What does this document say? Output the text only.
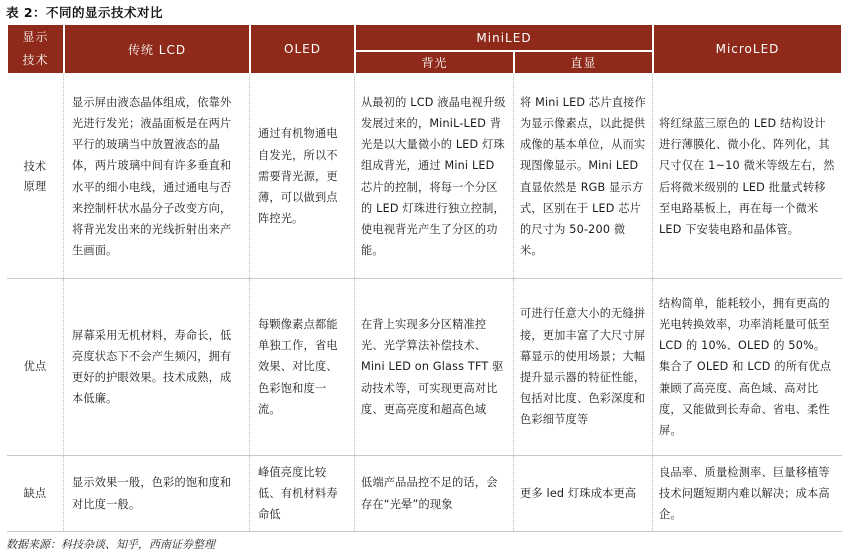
表 2：不同的显示技术对比
显示
技术
传统 LCD	OLED
MiniLED
背光	直显
MicroLED
技术
原理
显示屏由液态晶体组成，依靠外光进行发光；液晶面板是在两片平行的玻璃当中放置液态的晶体，两片玻璃中间有许多垂直和水平的细小电线，通过通电与否来控制杆状水晶分子改变方向，将背光发出来的光线折射出来产生画面。
通过有机物通电自发光，所以不需要背光源，更薄，可以做到点阵控光。
从最初的 LCD 液晶电视升级发展过来的，MiniL-LED 背光是以大量微小的 LED 灯珠组成背光，通过 Mini LED 芯片的控制，将每一个分区的 LED 灯珠进行独立控制，使电视背光产生了分区的功能。
将 Mini LED 芯片直接作为显示像素点，以此提供成像的基本单位，从而实现图像显示。Mini LED 直显依然是 RGB 显示方式，区别在于 LED 芯片的尺寸为 50-200 微米。
将红绿蓝三原色的 LED 结构设计进行薄膜化、微小化、阵列化，其尺寸仅在 1~10 微米等级左右，然后将微米级别的 LED 批量式转移至电路基板上，再在每一个微米 LED 下安装电路和晶体管。
优点
屏幕采用无机材料，寿命长，低亮度状态下不会产生频闪，拥有更好的护眼效果。技术成熟，成本低廉。
每颗像素点都能单独工作，省电效果、对比度、色彩饱和度一流。
在背上实现多分区精准控光、光学算法补偿技术、Mini LED on Glass TFT 驱动技术等，可实现更高对比度、更高亮度和超高色域
可进行任意大小的无缝拼接，更加丰富了大尺寸屏幕显示的使用场景；大幅提升显示器的特征性能，包括对比度、色彩深度和色彩细节度等
结构简单，能耗较小，拥有更高的光电转换效率，功率消耗量可低至 LCD 的 10%、OLED 的 50%。集合了 OLED 和 LCD 的所有优点兼顾了高亮度、高色域、高对比度，又能做到长寿命、省电、柔性屏。
缺点
显示效果一般，色彩的饱和度和对比度一般。
峰值亮度比较低、有机材料寿命低
低端产品品控不足的话，会存在“光晕”的现象
更多 led 灯珠成本更高
良品率、质量检测率、巨量移植等技术问题短期内难以解决；成本高企。
数据来源：科技杂谈、知乎，西南证券整理
